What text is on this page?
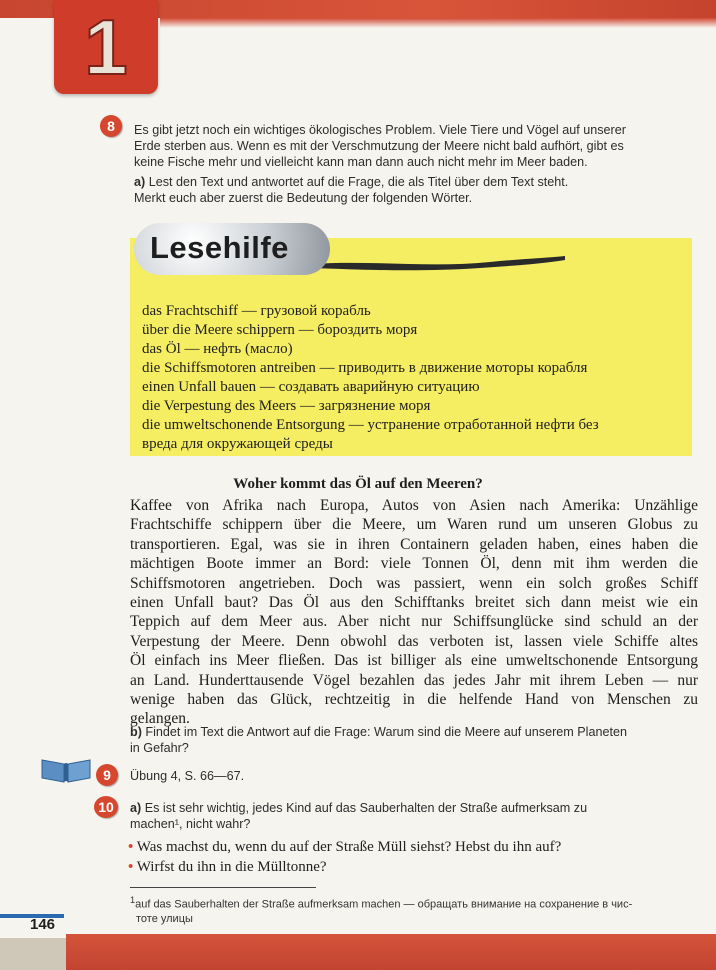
1
8	Es gibt jetzt noch ein wichtiges ökologisches Problem. Viele Tiere und Vögel auf unserer
Erde sterben aus. Wenn es mit der Verschmutzung der Meere nicht bald aufhört, gibt es
keine Fische mehr und vielleicht kann man dann auch nicht mehr im Meer baden.
a) Lest den Text und antwortet auf die Frage, die als Titel über dem Text steht.
Merkt euch aber zuerst die Bedeutung der folgenden Wörter.
Lesehilfe
das Frachtschiff — грузовой корабль
über die Meere schippern — бороздить моря
das Öl — нефть (масло)
die Schiffsmotoren antreiben — приводить в движение моторы корабля
einen Unfall bauen — создавать аварийную ситуацию
die Verpestung des Meers — загрязнение моря
die umweltschonende Entsorgung — устранение отработанной нефти без
вреда для окружающей среды
Woher kommt das Öl auf den Meeren?
Kaffee von Afrika nach Europa, Autos von Asien nach Amerika: Unzählige
Frachtschiffe schippern über die Meere, um Waren rund um unseren Globus zu
transportieren. Egal, was sie in ihren Containern geladen haben, eines haben die
mächtigen Boote immer an Bord: viele Tonnen Öl, denn mit ihm werden die
Schiffsmotoren angetrieben. Doch was passiert, wenn ein solch großes Schiff
einen Unfall baut? Das Öl aus den Schifftanks breitet sich dann meist wie ein
Teppich auf dem Meer aus. Aber nicht nur Schiffsunglücke sind schuld an der
Verpestung der Meere. Denn obwohl das verboten ist, lassen viele Schiffe altes
Öl einfach ins Meer fließen. Das ist billiger als eine umweltschonende Entsorgung
an Land. Hunderttausende Vögel bezahlen das jedes Jahr mit ihrem Leben — nur
wenige haben das Glück, rechtzeitig in die helfende Hand von Menschen zu
gelangen.
b) Findet im Text die Antwort auf die Frage: Warum sind die Meere auf unserem Planeten
in Gefahr?
9	Übung 4, S. 66—67.
10	a) Es ist sehr wichtig, jedes Kind auf das Sauberhalten der Straße aufmerksam zu
machen¹, nicht wahr?
• Was machst du, wenn du auf der Straße Müll siehst? Hebst du ihn auf?
• Wirfst du ihn in die Mülltonne?
$^1$auf das Sauberhalten der Straße aufmerksam machen — обращать внимание на сохранение в чис-
тоте улицы
146
